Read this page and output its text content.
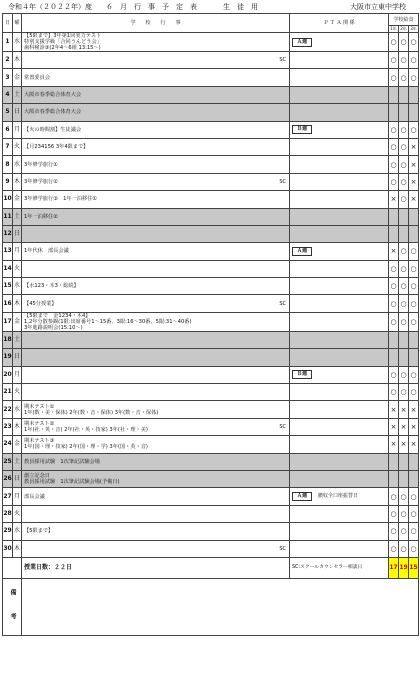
令和４年（２０２２年）度　　６　月　行　事　予　定　表	生　徒　用	大阪市立東中学校
日	曜	学　　校　　行　　事	Ｐ Ｔ Ａ 関 係	学校給食		
				1年	2年	3年
1	水	【5限まで】3年第1回実力テスト
特別支援学級「合同うんどう会」
歯科検診③(2年4～6組 13:15～)	Ａ週	○	○	○
2	木	SC		○	○	○
3	金	常置委員会		○	○	○
4	土	大阪市春季総合体育大会				

5	日	大阪市春季総合体育大会				

6	月	【火の時間割】生徒議会	Ｂ週	○	○	○
7	火	【月234156 3年4限まで】		○	○	×
8	水	3年修学旅行①		○	○	×
9	木	3年修学旅行② SC		○	○	×
10	金	3年修学旅行③　1年一泊移住①		×	○	×
11	土	1年一泊移住②				

12	日	

13	月	1年代休　部長会議	Ａ週	×	○	○
14	火			○	○	○
15	水	【水123・木3・総続】		○	○	○
16	木	【45分授業】 SC		○	○	○
17	金	【5限まで　金1234・木4】
1,2年分散参観(1限:出席番号1～15番、3限:16～30番、5限:31～40番)
3年進路説明会(15:10～)		○	○	○
18	土	

19	日	

20	月		Ｂ週	○	○	○
21	火			○	○	○
22	水	期末テスト①
1年(数・美・保体) 2年(数・音・保体) 3年(数・音・保体)		×	×	×
23	木	期末テスト②
1年(社・英・音) 2年(社・英・技家) 3年(社・理・美) SC		×	×	×
24	金	期末テスト③
1年(国・理・技家) 2年(国・理・学) 3年(国・英・音)		×	×	×
25	土	教員採用試験　1次筆記試験会場				

26	日	創立記念日
教員採用試験　1次筆記試験会場(予備日)				

27	月	部長会議	Ａ週 撤収全口座振替日	○	○	○
28	火			○	○	○
29	水	【5限まで】		○	○	○
30	木	SC		○	○	○
		授業日数：２２日	SC:スクールカウンセラー相談日	17	19	15
備　考						
